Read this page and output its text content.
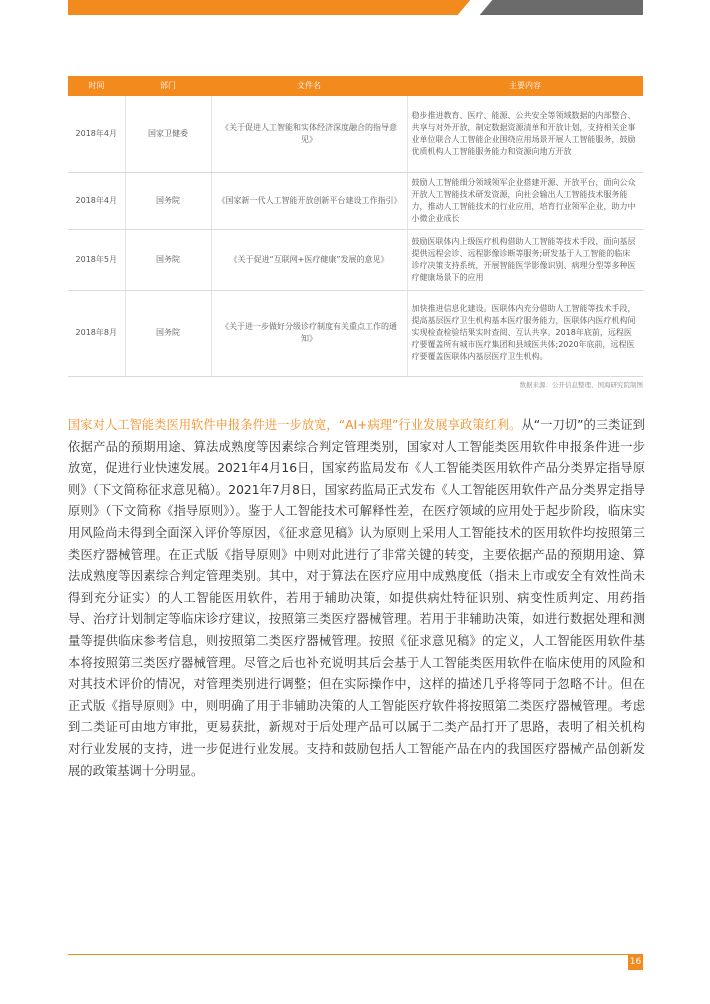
时间	部门	文件名	主要内容
2018年4月	国家卫健委	《关于促进人工智能和实体经济深度融合的指导意见》	稳步推进教育、医疗、能源、公共安全等领域数据的内部整合、共享与对外开放，制定数据资源清单和开放计划，支持相关企事业单位联合人工智能企业围绕应用场景开展人工智能服务，鼓励优质机构人工智能服务能力和资源向地方开放
2018年4月	国务院	《国家新一代人工智能开放创新平台建设工作指引》	鼓励人工智能细分领域领军企业搭建开源、开放平台，面向公众开放人工智能技术研发资源，向社会输出人工智能技术服务能力，推动人工智能技术的行业应用，培育行业领军企业，助力中小微企业成长
2018年5月	国务院	《关于促进“互联网+医疗健康”发展的意见》	鼓励医联体内上级医疗机构借助人工智能等技术手段，面向基层提供远程会诊、远程影像诊断等服务;研发基于人工智能的临床诊疗决策支持系统，开展智能医学影像识别、病理分型等多种医疗健康场景下的应用
2018年8月	国务院	《关于进一步做好分级诊疗制度有关重点工作的通知》	加快推进信息化建设。医联体内充分借助人工智能等技术手段，提高基层医疗卫生机构基本医疗服务能力，医联体内医疗机构间实现检查检验结果实时查阅、互认共享。2018年底前，远程医疗要覆盖所有城市医疗集团和县域医共体;2020年底前，远程医疗要覆盖医联体内基层医疗卫生机构。
数据来源：公开信息整理、国海研究院制图

国家对人工智能类医用软件申报条件进一步放宽，“AI+病理”行业发展享政策红利。从“一刀切”的三类证到依据产品的预期用途、算法成熟度等因素综合判定管理类别，国家对人工智能类医用软件申报条件进一步放宽，促进行业快速发展。2021年4月16日，国家药监局发布《人工智能类医用软件产品分类界定指导原则》（下文简称征求意见稿）。2021年7月8日，国家药监局正式发布《人工智能医用软件产品分类界定指导原则》（下文简称《指导原则》）。鉴于人工智能技术可解释性差，在医疗领域的应用处于起步阶段，临床实用风险尚未得到全面深入评价等原因，《征求意见稿》认为原则上采用人工智能技术的医用软件均按照第三类医疗器械管理。在正式版《指导原则》中则对此进行了非常关键的转变，主要依据产品的预期用途、算法成熟度等因素综合判定管理类别。其中，对于算法在医疗应用中成熟度低（指未上市或安全有效性尚未得到充分证实）的人工智能医用软件，若用于辅助决策，如提供病灶特征识别、病变性质判定、用药指导、治疗计划制定等临床诊疗建议，按照第三类医疗器械管理。若用于非辅助决策，如进行数据处理和测量等提供临床参考信息，则按照第二类医疗器械管理。按照《征求意见稿》的定义，人工智能医用软件基本将按照第三类医疗器械管理。尽管之后也补充说明其后会基于人工智能类医用软件在临床使用的风险和对其技术评价的情况，对管理类别进行调整；但在实际操作中，这样的描述几乎将等同于忽略不计。但在正式版《指导原则》中，则明确了用于非辅助决策的人工智能医疗软件将按照第二类医疗器械管理。考虑到二类证可由地方审批，更易获批，新规对于后处理产品可以属于二类产品打开了思路，表明了相关机构对行业发展的支持，进一步促进行业发展。支持和鼓励包括人工智能产品在内的我国医疗器械产品创新发展的政策基调十分明显。

16
